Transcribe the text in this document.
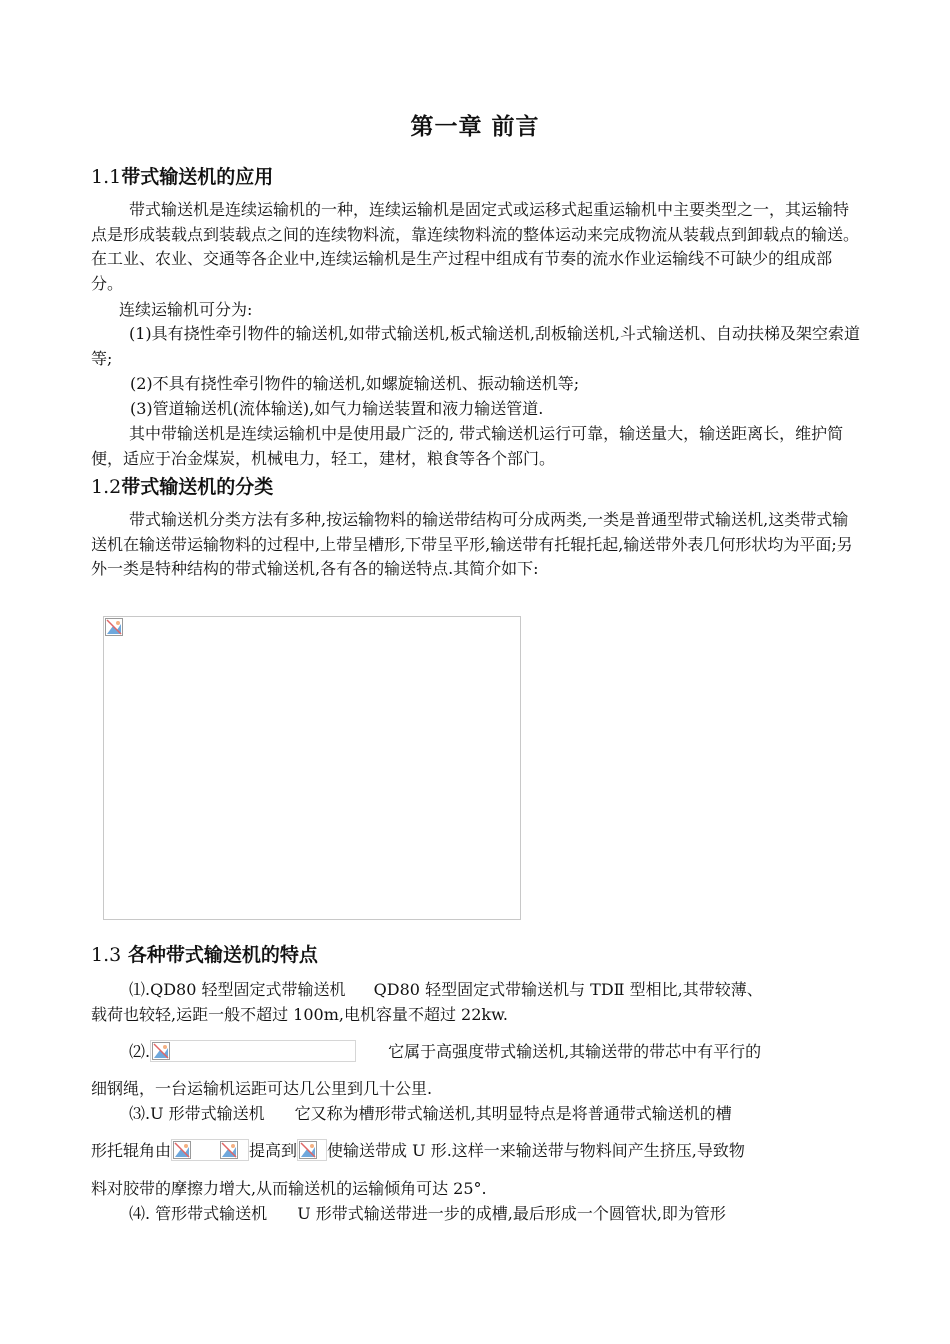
第一章 前言
1.1带式输送机的应用

带式输送机是连续运输机的一种，连续运输机是固定式或运移式起重运输机中主要类型之一，其运输特点是形成装载点到装载点之间的连续物料流，靠连续物料流的整体运动来完成物流从装载点到卸载点的输送。在工业、农业、交通等各企业中,连续运输机是生产过程中组成有节奏的流水作业运输线不可缺少的组成部分。

连续运输机可分为:

(1)具有挠性牵引物件的输送机,如带式输送机,板式输送机,刮板输送机,斗式输送机、自动扶梯及架空索道等;

(2)不具有挠性牵引物件的输送机,如螺旋输送机、振动输送机等;
(3)管道输送机(流体输送),如气力输送装置和液力输送管道.

其中带输送机是连续运输机中是使用最广泛的, 带式输送机运行可靠，输送量大，输送距离长，维护简便，适应于冶金煤炭，机械电力，轻工，建材，粮食等各个部门。

1.2带式输送机的分类

带式输送机分类方法有多种,按运输物料的输送带结构可分成两类,一类是普通型带式输送机,这类带式输送机在输送带运输物料的过程中,上带呈槽形,下带呈平形,输送带有托辊托起,输送带外表几何形状均为平面;另外一类是特种结构的带式输送机,各有各的输送特点.其简介如下:

1.3 各种带式输送机的特点
⑴.QD80 轻型固定式带输送机 QD80 轻型固定式带输送机与 TDⅡ 型相比,其带较薄、
载荷也较轻,运距一般不超过 100m,电机容量不超过 22kw.
⑵.	它属于高强度带式输送机,其输送带的带芯中有平行的
细钢绳，一台运输机运距可达几公里到几十公里.
⑶.U 形带式输送机 它又称为槽形带式输送机,其明显特点是将普通带式输送机的槽
形托辊角由	提高到 使输送带成 U 形.这样一来输送带与物料间产生挤压,导致物
料对胶带的摩擦力增大,从而输送机的运输倾角可达 25°.
⑷. 管形带式输送机 U 形带式输送带进一步的成槽,最后形成一个圆管状,即为管形
